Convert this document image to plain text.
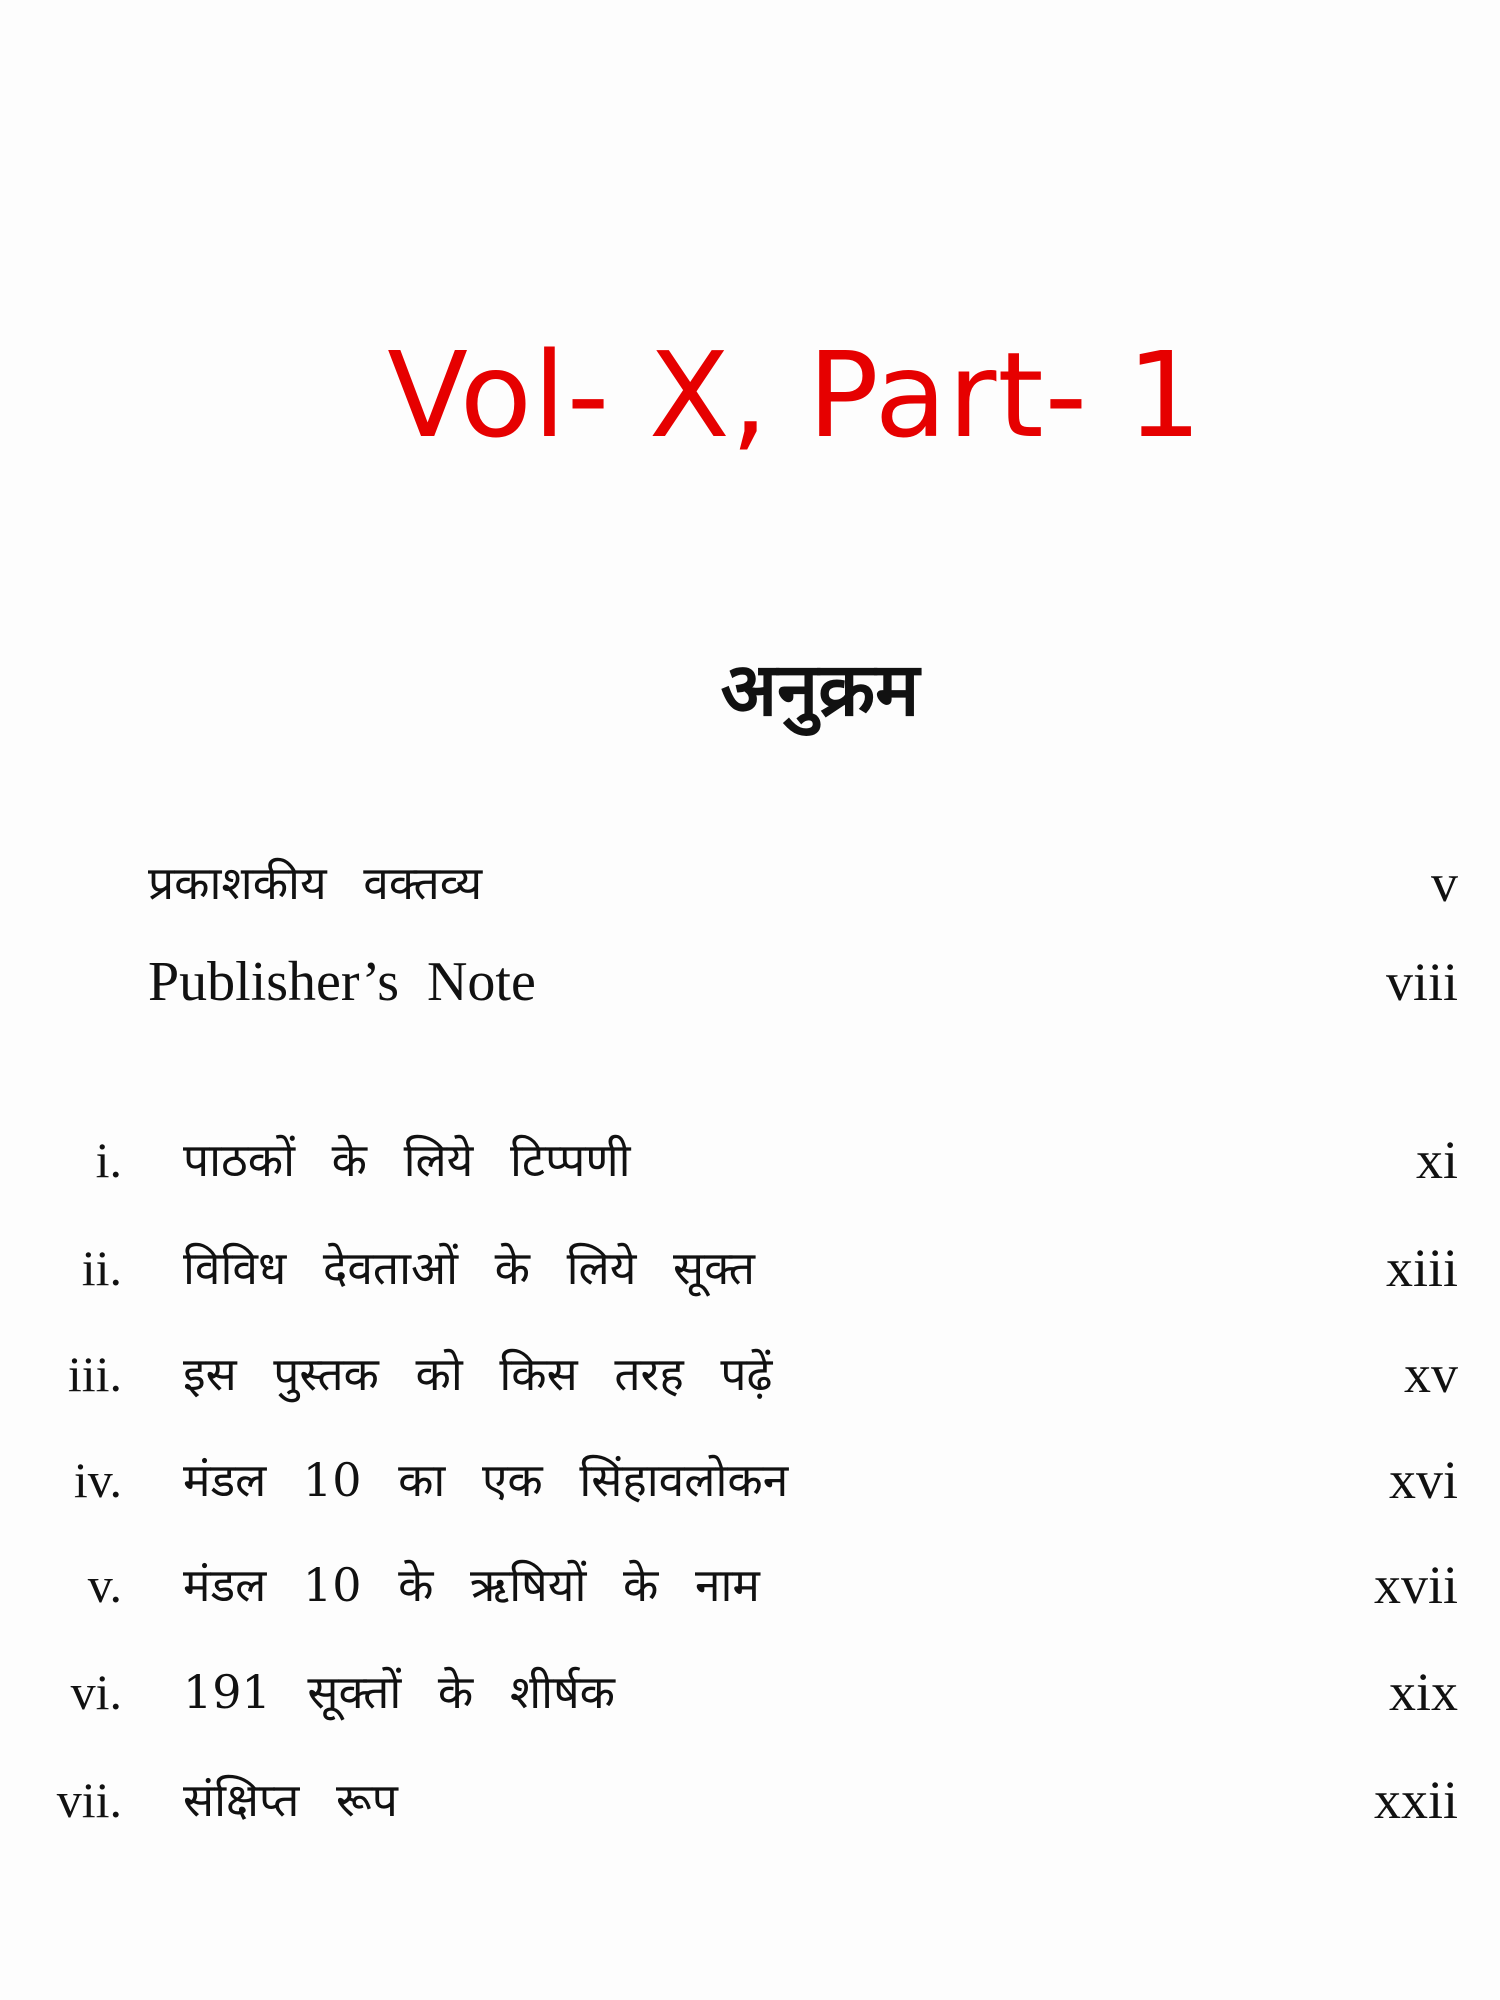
Vol- X, Part- 1
अनुक्रम
प्रकाशकीय वक्तव्य	v
Publisher’s Note	viii
i. पाठकों के लिये टिप्पणी	xi
ii. विविध देवताओं के लिये सूक्त	xiii
iii. इस पुस्तक को किस तरह पढ़ें	xv
iv. मंडल 10 का एक सिंहावलोकन	xvi
v. मंडल 10 के ऋषियों के नाम	xvii
vi. 191 सूक्तों के शीर्षक	xix
vii. संक्षिप्त रूप	xxii
